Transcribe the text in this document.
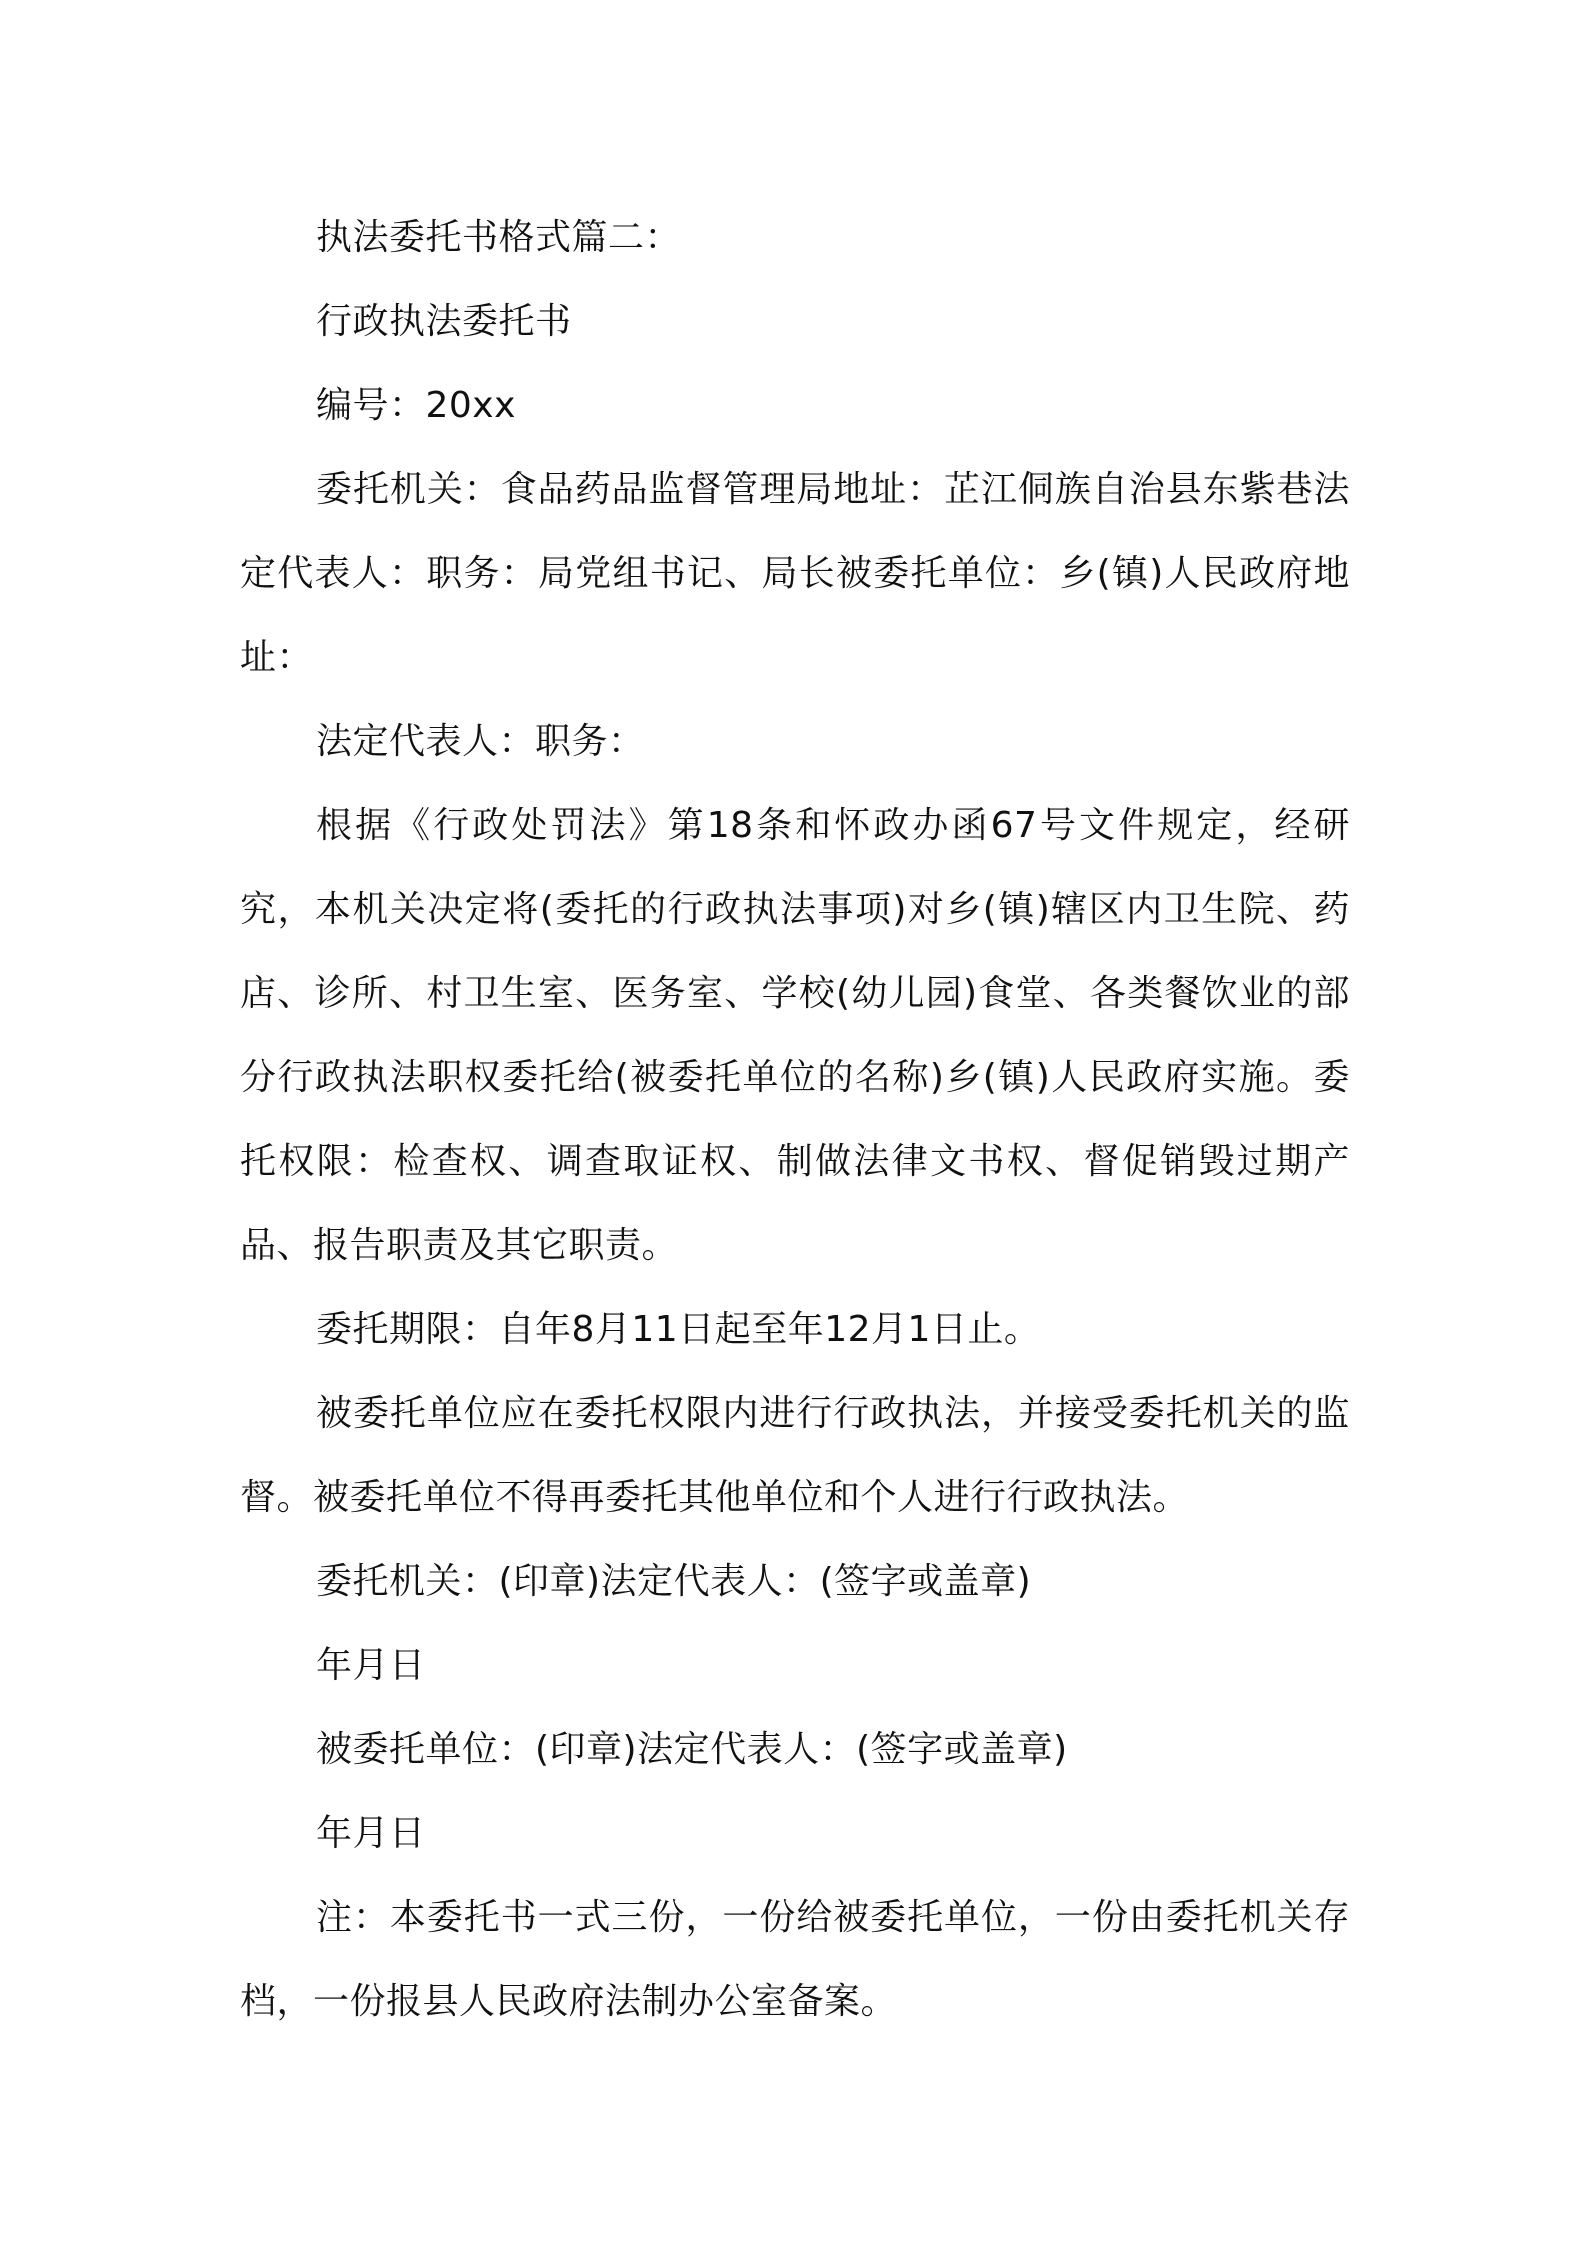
执法委托书格式篇二：

行政执法委托书

编号：20xx

委托机关：食品药品监督管理局地址：芷江侗族自治县东紫巷法定代表人：职务：局党组书记、局长被委托单位：乡(镇)人民政府地址：

法定代表人：职务：

根据《行政处罚法》第18条和怀政办函67号文件规定，经研究，本机关决定将(委托的行政执法事项)对乡(镇)辖区内卫生院、药店、诊所、村卫生室、医务室、学校(幼儿园)食堂、各类餐饮业的部分行政执法职权委托给(被委托单位的名称)乡(镇)人民政府实施。委托权限：检查权、调查取证权、制做法律文书权、督促销毁过期产品、报告职责及其它职责。

委托期限：自年8月11日起至年12月1日止。

被委托单位应在委托权限内进行行政执法，并接受委托机关的监督。被委托单位不得再委托其他单位和个人进行行政执法。

委托机关：(印章)法定代表人：(签字或盖章)

年月日

被委托单位：(印章)法定代表人：(签字或盖章)

年月日

注：本委托书一式三份，一份给被委托单位，一份由委托机关存档，一份报县人民政府法制办公室备案。
